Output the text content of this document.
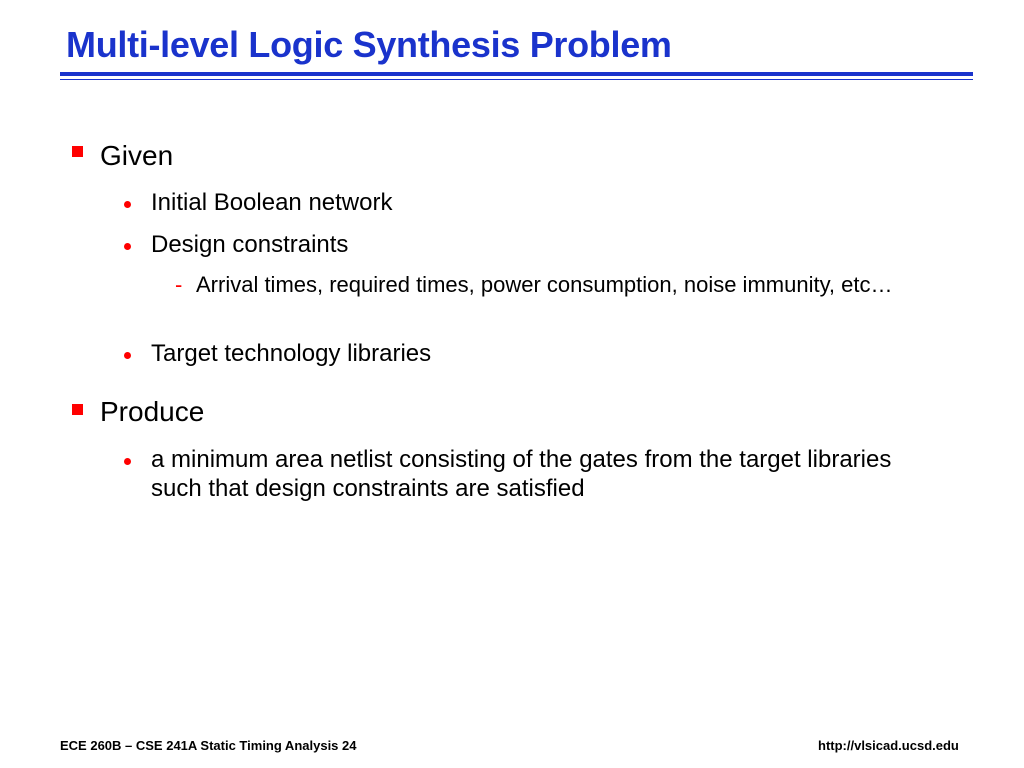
Multi-level Logic Synthesis Problem
Given
Initial Boolean network
Design constraints
- Arrival times, required times, power consumption, noise immunity, etc…
Target technology libraries
Produce
a minimum area netlist consisting of the gates from the target libraries such that design constraints are satisfied
ECE 260B – CSE 241A Static Timing Analysis 24	http://vlsicad.ucsd.edu
